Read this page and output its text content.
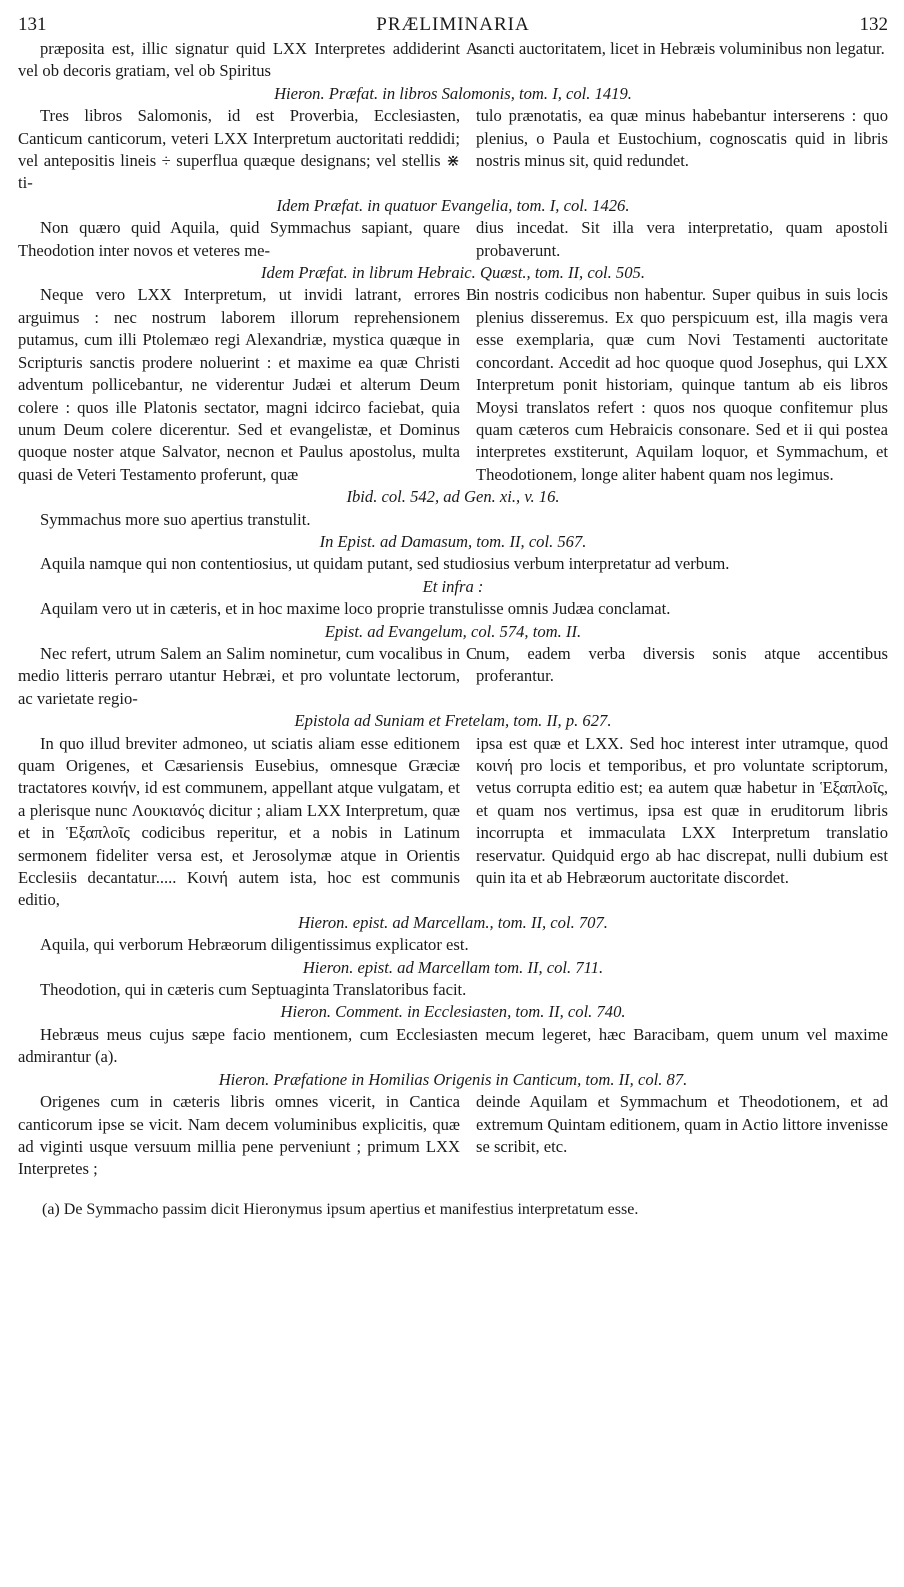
131	PRÆLIMINARIA	132

præposita est, illic signatur quid LXX Interpretes addiderint vel ob decoris gratiam, vel ob Spiritus

A

sancti auctoritatem, licet in Hebræis voluminibus non legatur.

Hieron. Præfat. in libros Salomonis, tom. I, col. 1419.

Tres libros Salomonis, id est Proverbia, Ecclesiasten, Canticum canticorum, veteri LXX Interpretum auctoritati reddidi; vel antepositis lineis ÷ superflua quæque designans; vel stellis ⋇ ti-

tulo prænotatis, ea quæ minus habebantur interserens : quo plenius, o Paula et Eustochium, cognoscatis quid in libris nostris minus sit, quid redundet.

Idem Præfat. in quatuor Evangelia, tom. I, col. 1426.

Non quæro quid Aquila, quid Symmachus sapiant, quare Theodotion inter novos et veteres me-

dius incedat. Sit illa vera interpretatio, quam apostoli probaverunt.

Idem Præfat. in librum Hebraic. Quæst., tom. II, col. 505.

Neque vero LXX Interpretum, ut invidi latrant, errores arguimus : nec nostrum laborem illorum reprehensionem putamus, cum illi Ptolemæo regi Alexandriæ, mystica quæque in Scripturis sanctis prodere noluerint : et maxime ea quæ Christi adventum pollicebantur, ne viderentur Judæi et alterum Deum colere : quos ille Platonis sectator, magni idcirco faciebat, quia unum Deum colere dicerentur. Sed et evangelistæ, et Dominus quoque noster atque Salvator, necnon et Paulus apostolus, multa quasi de Veteri Testamento proferunt, quæ

B

in nostris codicibus non habentur. Super quibus in suis locis plenius disseremus. Ex quo perspicuum est, illa magis vera esse exemplaria, quæ cum Novi Testamenti auctoritate concordant. Accedit ad hoc quoque quod Josephus, qui LXX Interpretum ponit historiam, quinque tantum ab eis libros Moysi translatos refert : quos nos quoque confitemur plus quam cæteros cum Hebraicis consonare. Sed et ii qui postea interpretes exstiterunt, Aquilam loquor, et Symmachum, et Theodotionem, longe aliter habent quam nos legimus.

Ibid. col. 542, ad Gen. xi., v. 16.

Symmachus more suo apertius transtulit.

In Epist. ad Damasum, tom. II, col. 567.

Aquila namque qui non contentiosius, ut quidam putant, sed studiosius verbum interpretatur ad verbum.

Et infra :

Aquilam vero ut in cæteris, et in hoc maxime loco proprie transtulisse omnis Judæa conclamat.

Epist. ad Evangelum, col. 574, tom. II.

Nec refert, utrum Salem an Salim nominetur, cum vocalibus in medio litteris perraro utantur Hebræi, et pro voluntate lectorum, ac varietate regio-

C

num, eadem verba diversis sonis atque accentibus proferantur.

Epistola ad Suniam et Fretelam, tom. II, p. 627.

In quo illud breviter admoneo, ut sciatis aliam esse editionem quam Origenes, et Cæsariensis Eusebius, omnesque Græciæ tractatores κοινήν, id est communem, appellant atque vulgatam, et a plerisque nunc Λουκιανός dicitur ; aliam LXX Interpretum, quæ et in Ἑξαπλοῖς codicibus reperitur, et a nobis in Latinum sermonem fideliter versa est, et Jerosolymæ atque in Orientis Ecclesiis decantatur..... Κοινή autem ista, hoc est communis editio,

ipsa est quæ et LXX. Sed hoc interest inter utramque, quod κοινή pro locis et temporibus, et pro voluntate scriptorum, vetus corrupta editio est; ea autem quæ habetur in Ἑξαπλοῖς, et quam nos vertimus, ipsa est quæ in eruditorum libris incorrupta et immaculata LXX Interpretum translatio reservatur. Quidquid ergo ab hac discrepat, nulli dubium est quin ita et ab Hebræorum auctoritate discordet.

Hieron. epist. ad Marcellam., tom. II, col. 707.

Aquila, qui verborum Hebræorum diligentissimus explicator est.

Hieron. epist. ad Marcellam tom. II, col. 711.

Theodotion, qui in cæteris cum Septuaginta Translatoribus facit.

Hieron. Comment. in Ecclesiasten, tom. II, col. 740.

Hebræus meus cujus sæpe facio mentionem, cum Ecclesiasten mecum legeret, hæc Baracibam, quem unum vel maxime admirantur (a).

Hieron. Præfatione in Homilias Origenis in Canticum, tom. II, col. 87.

Origenes cum in cæteris libris omnes vicerit, in Cantica canticorum ipse se vicit. Nam decem voluminibus explicitis, quæ ad viginti usque versuum millia pene perveniunt ; primum LXX Interpretes ;

deinde Aquilam et Symmachum et Theodotionem, et ad extremum Quintam editionem, quam in Actio littore invenisse se scribit, etc.

(a) De Symmacho passim dicit Hieronymus ipsum apertius et manifestius interpretatum esse.
